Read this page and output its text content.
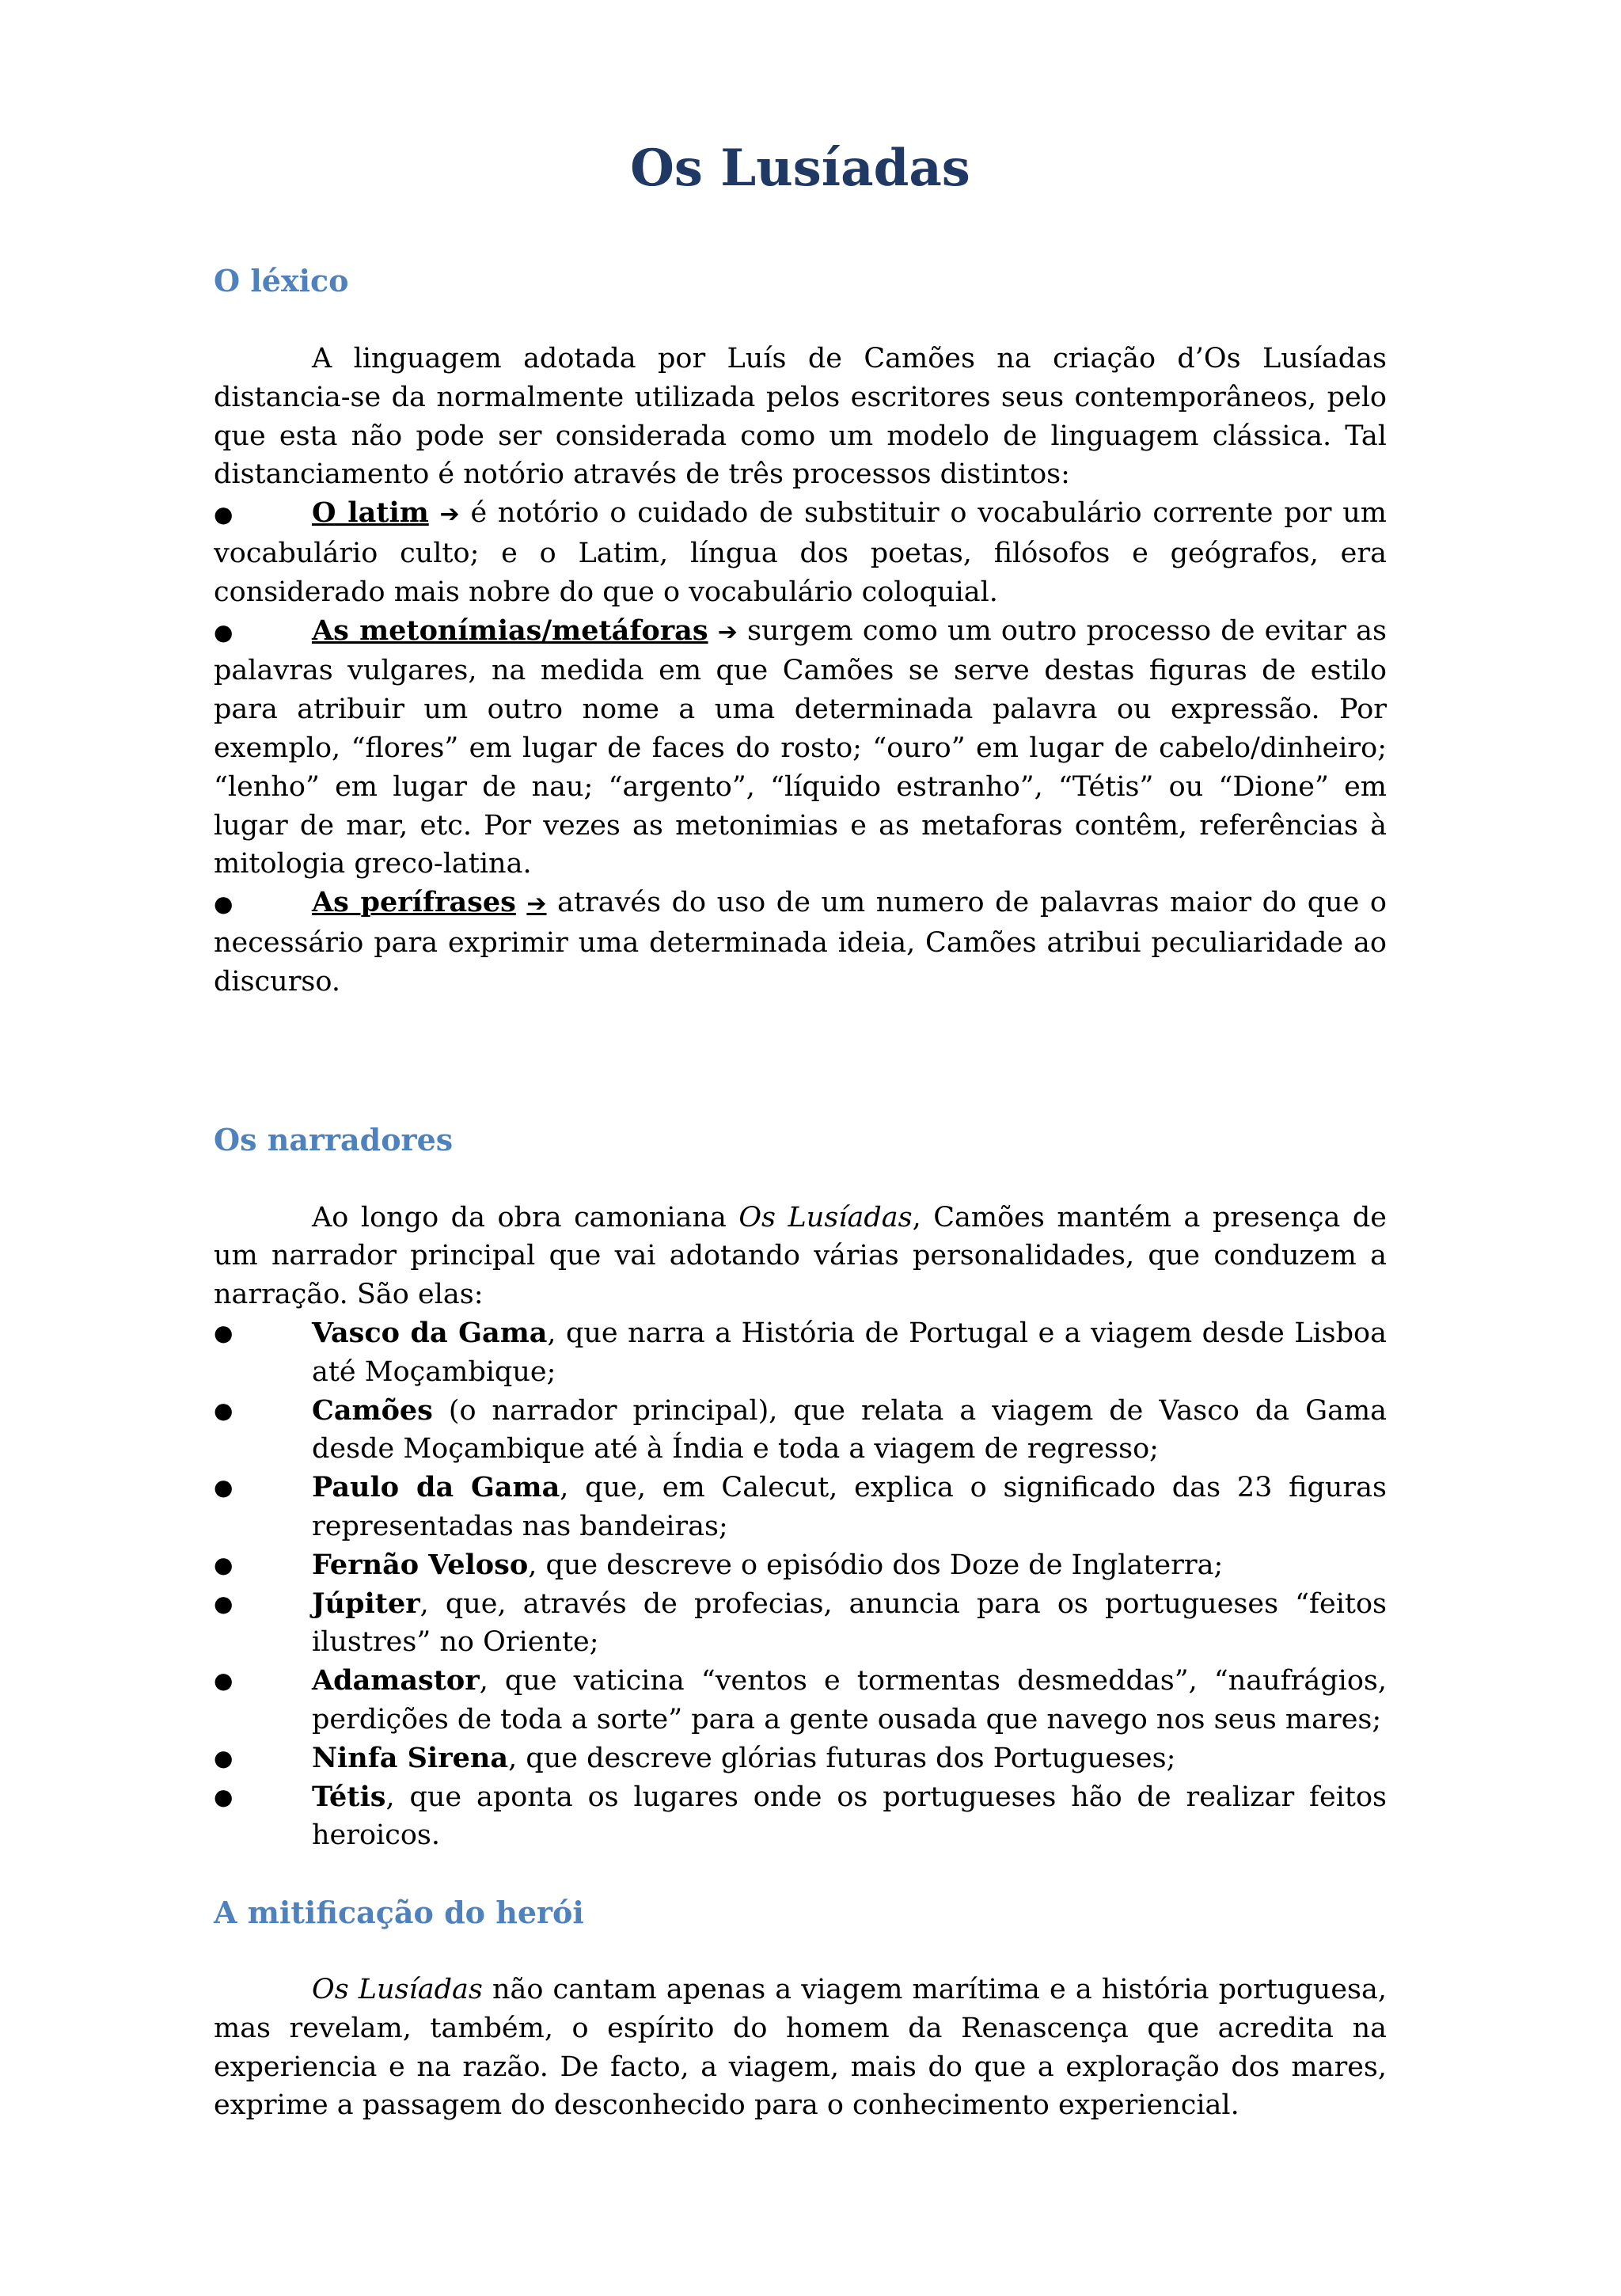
Os Lusíadas
O léxico

A linguagem adotada por Luís de Camões na criação d’Os Lusíadas distancia-se da normalmente utilizada pelos escritores seus contemporâneos, pelo que esta não pode ser considerada como um modelo de linguagem clássica. Tal distanciamento é notório através de três processos distintos:

●	O latim ➔ é notório o cuidado de substituir o vocabulário corrente por um vocabulário culto; e o Latim, língua dos poetas, filósofos e geógrafos, era considerado mais nobre do que o vocabulário coloquial.

●	As metonímias/metáforas ➔ surgem como um outro processo de evitar as palavras vulgares, na medida em que Camões se serve destas figuras de estilo para atribuir um outro nome a uma determinada palavra ou expressão. Por exemplo, “flores” em lugar de faces do rosto; “ouro” em lugar de cabelo/dinheiro; “lenho” em lugar de nau; “argento”, “líquido estranho”, “Tétis” ou “Dione” em lugar de mar, etc. Por vezes as metonimias e as metaforas contêm, referências à mitologia greco-latina.

●	As perífrases ➔ através do uso de um numero de palavras maior do que o necessário para exprimir uma determinada ideia, Camões atribui peculiaridade ao discurso.

Os narradores

Ao longo da obra camoniana Os Lusíadas, Camões mantém a presença de um narrador principal que vai adotando várias personalidades, que conduzem a narração. São elas:

●	Vasco da Gama, que narra a História de Portugal e a viagem desde Lisboa até Moçambique;
●	Camões (o narrador principal), que relata a viagem de Vasco da Gama desde Moçambique até à Índia e toda a viagem de regresso;
●	Paulo da Gama, que, em Calecut, explica o significado das 23 figuras representadas nas bandeiras;
●	Fernão Veloso, que descreve o episódio dos Doze de Inglaterra;
●	Júpiter, que, através de profecias, anuncia para os portugueses “feitos ilustres” no Oriente;
●	Adamastor, que vaticina “ventos e tormentas desmeddas”, “naufrágios, perdições de toda a sorte” para a gente ousada que navego nos seus mares;
●	Ninfa Sirena, que descreve glórias futuras dos Portugueses;
●	Tétis, que aponta os lugares onde os portugueses hão de realizar feitos heroicos.
A mitificação do herói

Os Lusíadas não cantam apenas a viagem marítima e a história portuguesa, mas revelam, também, o espírito do homem da Renascença que acredita na experiencia e na razão. De facto, a viagem, mais do que a exploração dos mares, exprime a passagem do desconhecido para o conhecimento experiencial.
